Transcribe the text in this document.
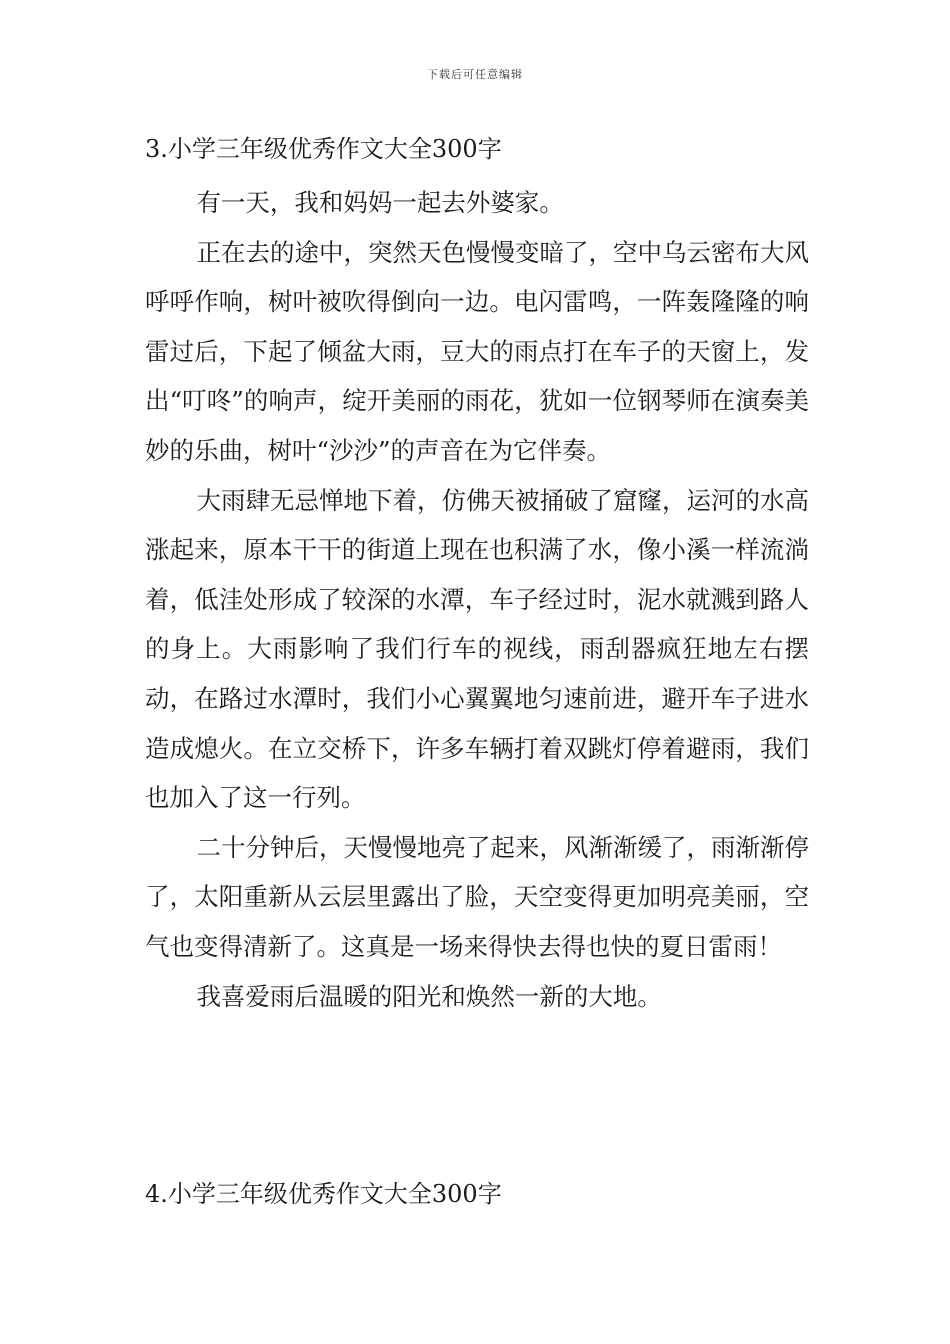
下载后可任意编辑
3.小学三年级优秀作文大全300字

有一天，我和妈妈一起去外婆家。

正在去的途中，突然天色慢慢变暗了，空中乌云密布大风呼呼作响，树叶被吹得倒向一边。电闪雷鸣，一阵轰隆隆的响雷过后，下起了倾盆大雨，豆大的雨点打在车子的天窗上，发出“叮咚”的响声，绽开美丽的雨花，犹如一位钢琴师在演奏美妙的乐曲，树叶“沙沙”的声音在为它伴奏。

大雨肆无忌惮地下着，仿佛天被捅破了窟窿，运河的水高涨起来，原本干干的街道上现在也积满了水，像小溪一样流淌着，低洼处形成了较深的水潭，车子经过时，泥水就溅到路人的身上。大雨影响了我们行车的视线，雨刮器疯狂地左右摆动，在路过水潭时，我们小心翼翼地匀速前进，避开车子进水造成熄火。在立交桥下，许多车辆打着双跳灯停着避雨，我们也加入了这一行列。

二十分钟后，天慢慢地亮了起来，风渐渐缓了，雨渐渐停了，太阳重新从云层里露出了脸，天空变得更加明亮美丽，空气也变得清新了。这真是一场来得快去得也快的夏日雷雨！

我喜爱雨后温暖的阳光和焕然一新的大地。

4.小学三年级优秀作文大全300字
